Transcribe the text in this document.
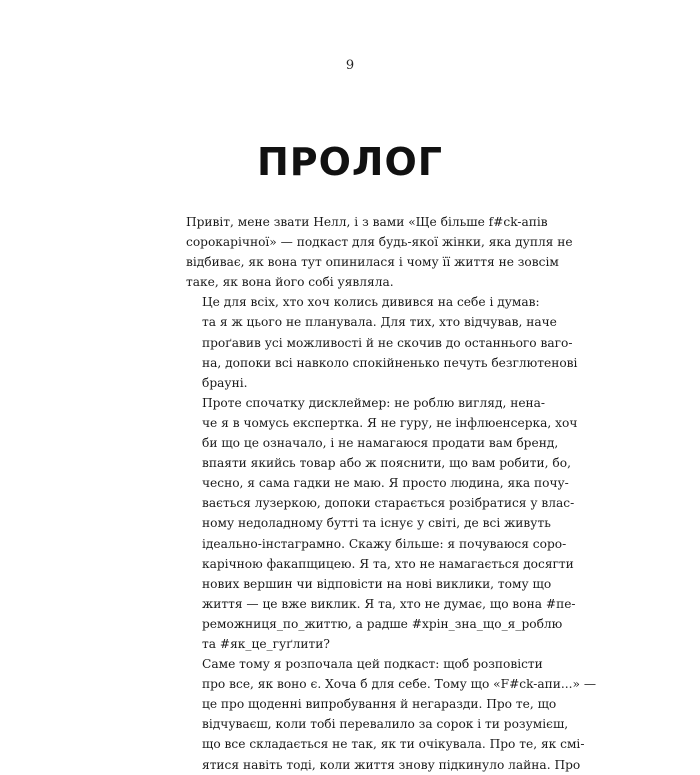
9
ПРОЛОГ

Привіт, мене звати Нелл, і з вами «Ще більше f#ck-апів
сорокарічної» — подкаст для будь-якої жінки, яка дупля не
відбиває, як вона тут опинилася і чому її життя не зовсім
таке, як вона його собі уявляла.

Це для всіх, хто хоч колись дивився на себе і думав:
та я ж цього не планувала. Для тих, хто відчував, наче
проґавив усі можливості й не скочив до останнього ваго-
на, допоки всі навколо спокійненько печуть безглютенові
брауні.

Проте спочатку дисклеймер: не роблю вигляд, нена-
че я в чомусь експертка. Я не гуру, не інфлюенсерка, хоч
би що це означало, і не намагаюся продати вам бренд,
впаяти якийсь товар або ж пояснити, що вам робити, бо,
чесно, я сама гадки не маю. Я просто людина, яка почу-
вається лузеркою, допоки старається розібратися у влас-
ному недоладному бутті та існує у світі, де всі живуть
ідеально-інстаграмно. Скажу більше: я почуваюся соро-
карічною факапщицею. Я та, хто не намагається досягти
нових вершин чи відповісти на нові виклики, тому що
життя — це вже виклик. Я та, хто не думає, що вона #пе-
реможниця_по_життю, а радше #хрін_зна_що_я_роблю
та #як_це_гуґлити?

Саме тому я розпочала цей подкаст: щоб розповісти
про все, як воно є. Хоча б для себе. Тому що «F#ck-апи...» —
це про щоденні випробування й негаразди. Про те, що
відчуваєш, коли тобі перевалило за сорок і ти розумієш,
що все складається не так, як ти очікувала. Про те, як смі-
ятися навіть тоді, коли життя знову підкинуло лайна. Про
